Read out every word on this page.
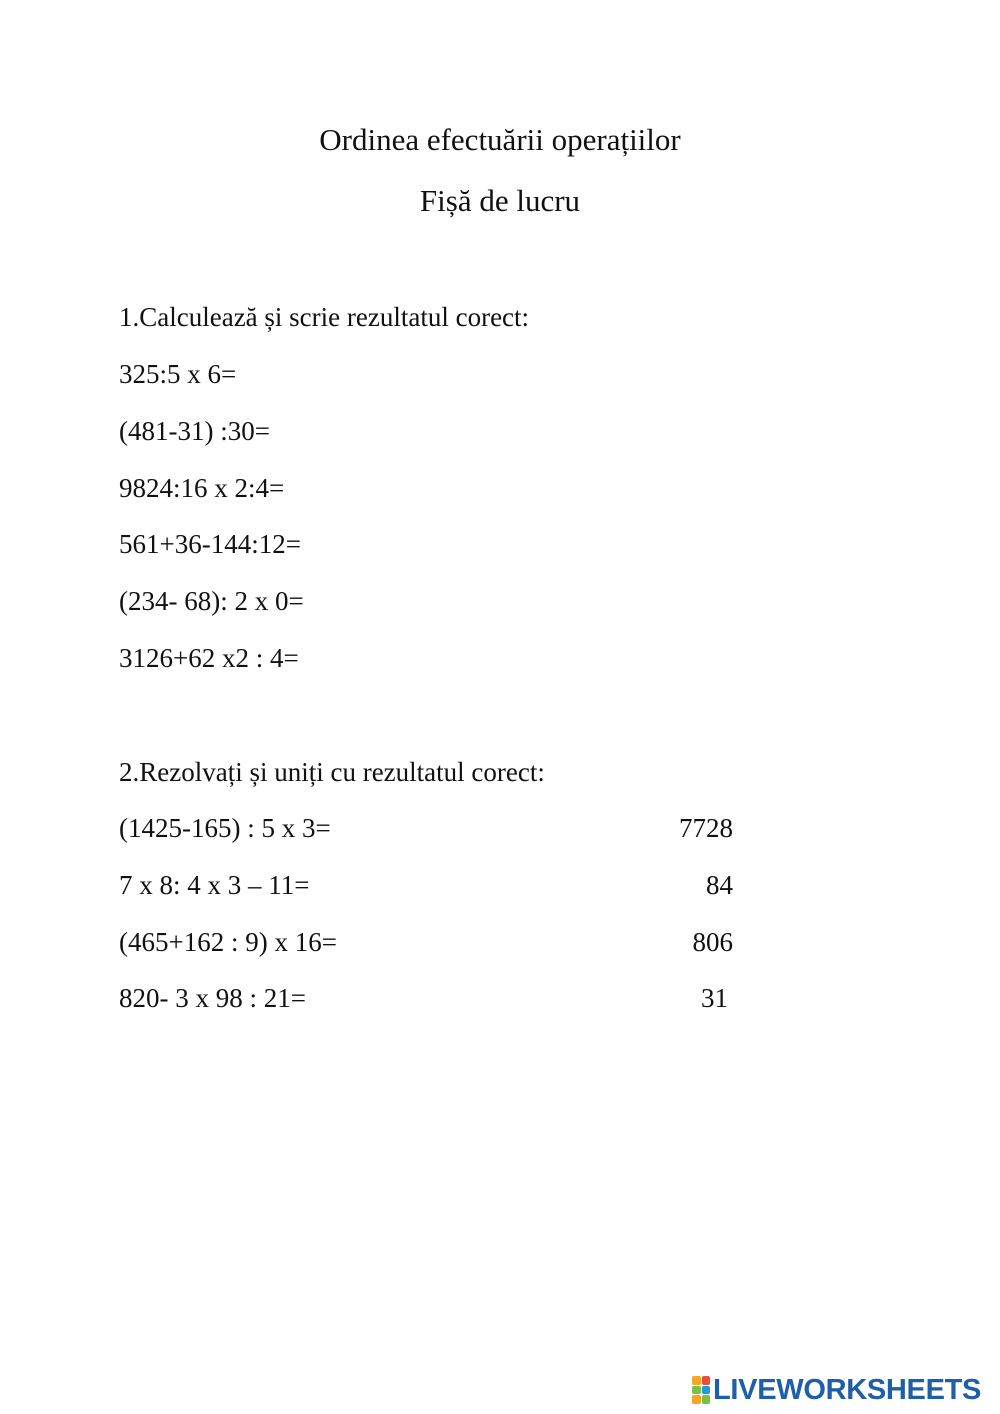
Ordinea efectuării operațiilor
Fișă de lucru
1.Calculează și scrie rezultatul corect:
325:5 x 6=
(481-31) :30=
9824:16 x 2:4=
561+36-144:12=
(234- 68): 2 x 0=
3126+62 x2 : 4=
2.Rezolvați și uniți cu rezultatul corect:
(1425-165) : 5 x 3=
7 x 8: 4 x 3 – 11=
(465+162 : 9) x 16=
820- 3 x 98 : 21=
7728
84
806
31
LIVEWORKSHEETS
